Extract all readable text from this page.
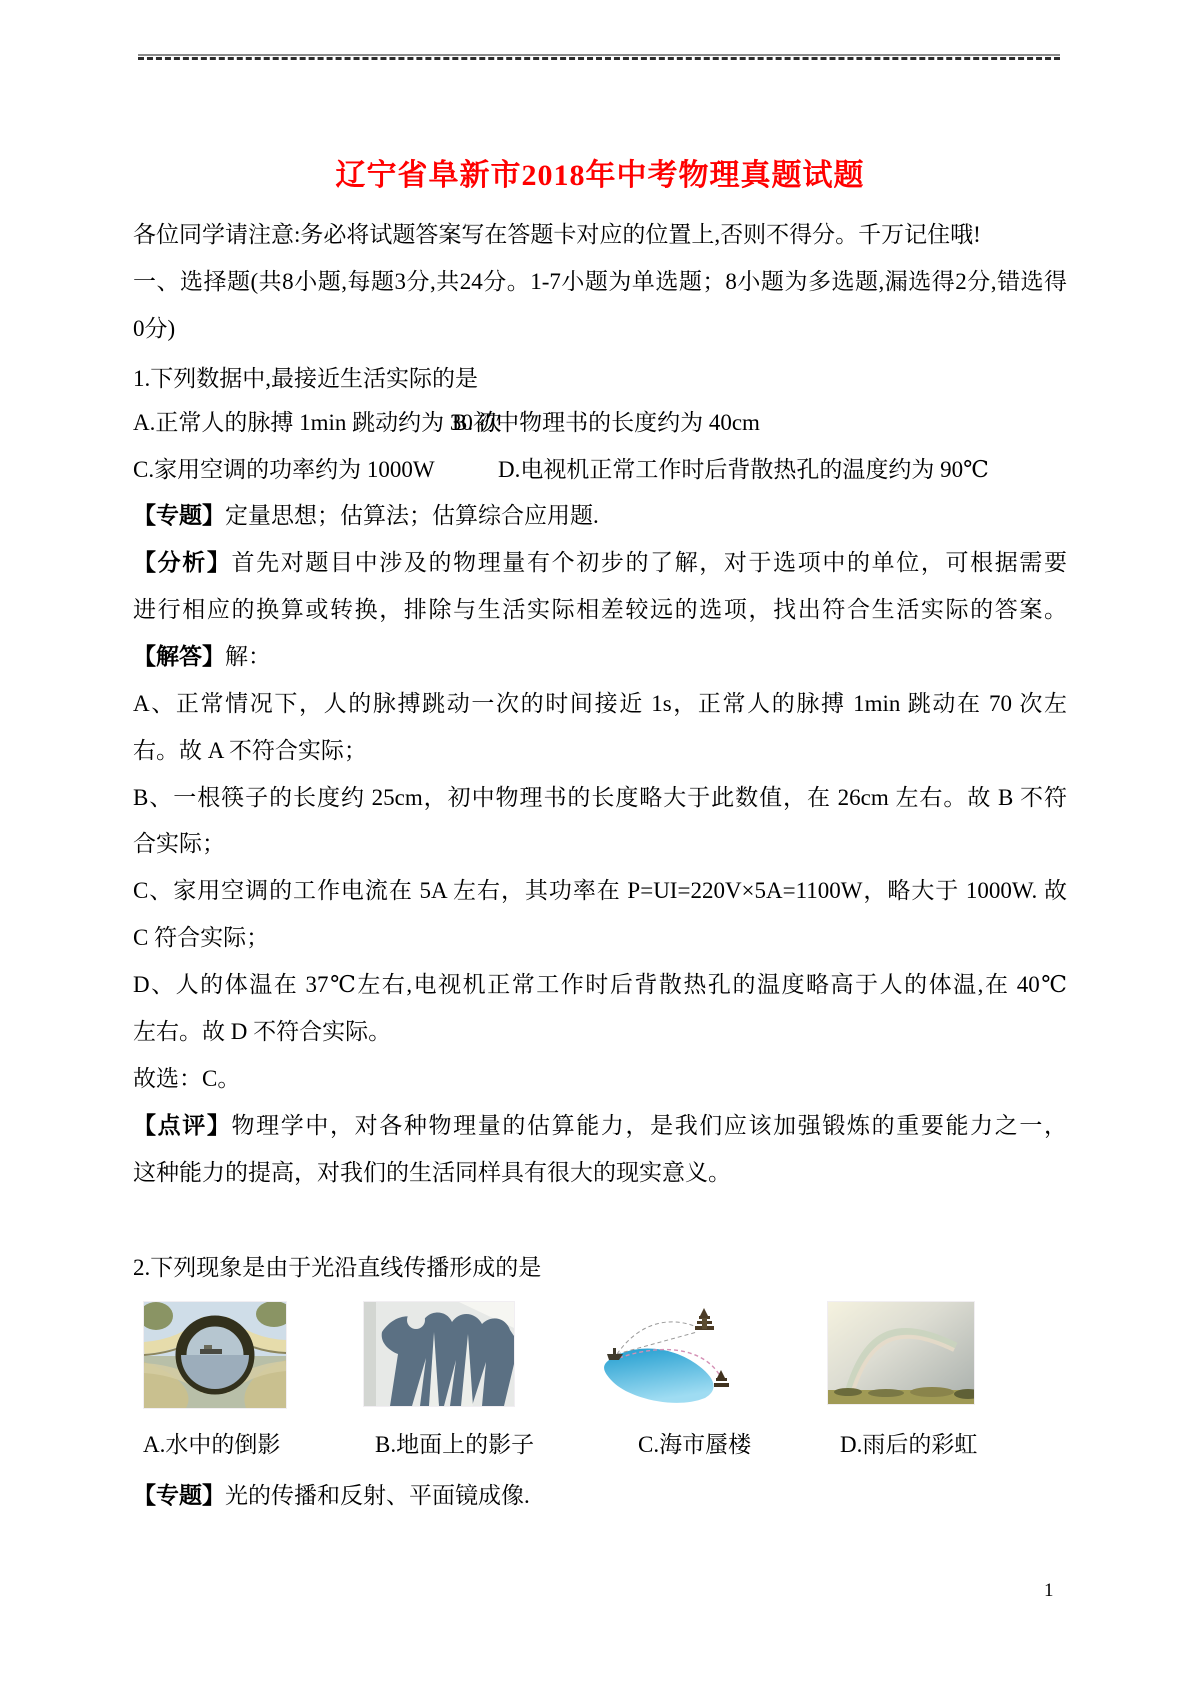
辽宁省阜新市2018年中考物理真题试题
各位同学请注意:务必将试题答案写在答题卡对应的位置上,否则不得分。千万记住哦!
一、选择题(共8小题,每题3分,共24分。1-7小题为单选题；8小题为多选题,漏选得2分,错选得
0分)
1.下列数据中,最接近生活实际的是
A.正常人的脉搏 1min 跳动约为 30 次
B.初中物理书的长度约为 40cm
C.家用空调的功率约为 1000W	D.电视机正常工作时后背散热孔的温度约为 90℃
【专题】定量思想；估算法；估算综合应用题.
【分析】首先对题目中涉及的物理量有个初步的了解，对于选项中的单位，可根据需要
进行相应的换算或转换，排除与生活实际相差较远的选项，找出符合生活实际的答案。
【解答】解：
A、正常情况下，人的脉搏跳动一次的时间接近 1s，正常人的脉搏 1min 跳动在 70 次左
右。故 A 不符合实际；
B、一根筷子的长度约 25cm，初中物理书的长度略大于此数值，在 26cm 左右。故 B 不符
合实际；
C、家用空调的工作电流在 5A 左右，其功率在 P=UI=220V×5A=1100W，略大于 1000W. 故
C 符合实际；
D、人的体温在 37℃左右,电视机正常工作时后背散热孔的温度略高于人的体温,在 40℃
左右。故 D 不符合实际。
故选：C。
【点评】物理学中，对各种物理量的估算能力，是我们应该加强锻炼的重要能力之一，
这种能力的提高，对我们的生活同样具有很大的现实意义。
2.下列现象是由于光沿直线传播形成的是
A.水中的倒影	B.地面上的影子	C.海市蜃楼	D.雨后的彩虹
【专题】光的传播和反射、平面镜成像.
1
